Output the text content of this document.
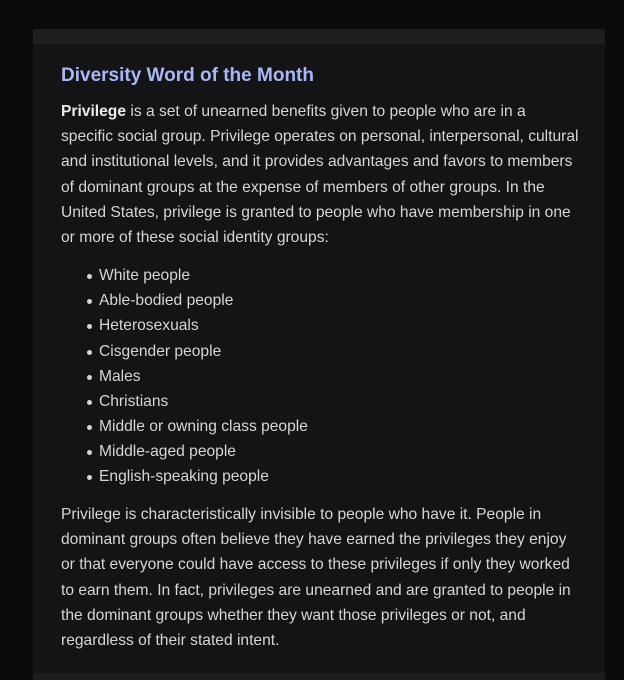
Diversity Word of the Month

Privilege is a set of unearned benefits given to people who are in a specific social group. Privilege operates on personal, interpersonal, cultural and institutional levels, and it provides advantages and favors to members of dominant groups at the expense of members of other groups. In the United States, privilege is granted to people who have membership in one or more of these social identity groups:

White people
Able-bodied people
Heterosexuals
Cisgender people
Males
Christians
Middle or owning class people
Middle-aged people
English-speaking people

Privilege is characteristically invisible to people who have it. People in dominant groups often believe they have earned the privileges they enjoy or that everyone could have access to these privileges if only they worked to earn them. In fact, privileges are unearned and are granted to people in the dominant groups whether they want those privileges or not, and regardless of their stated intent.
